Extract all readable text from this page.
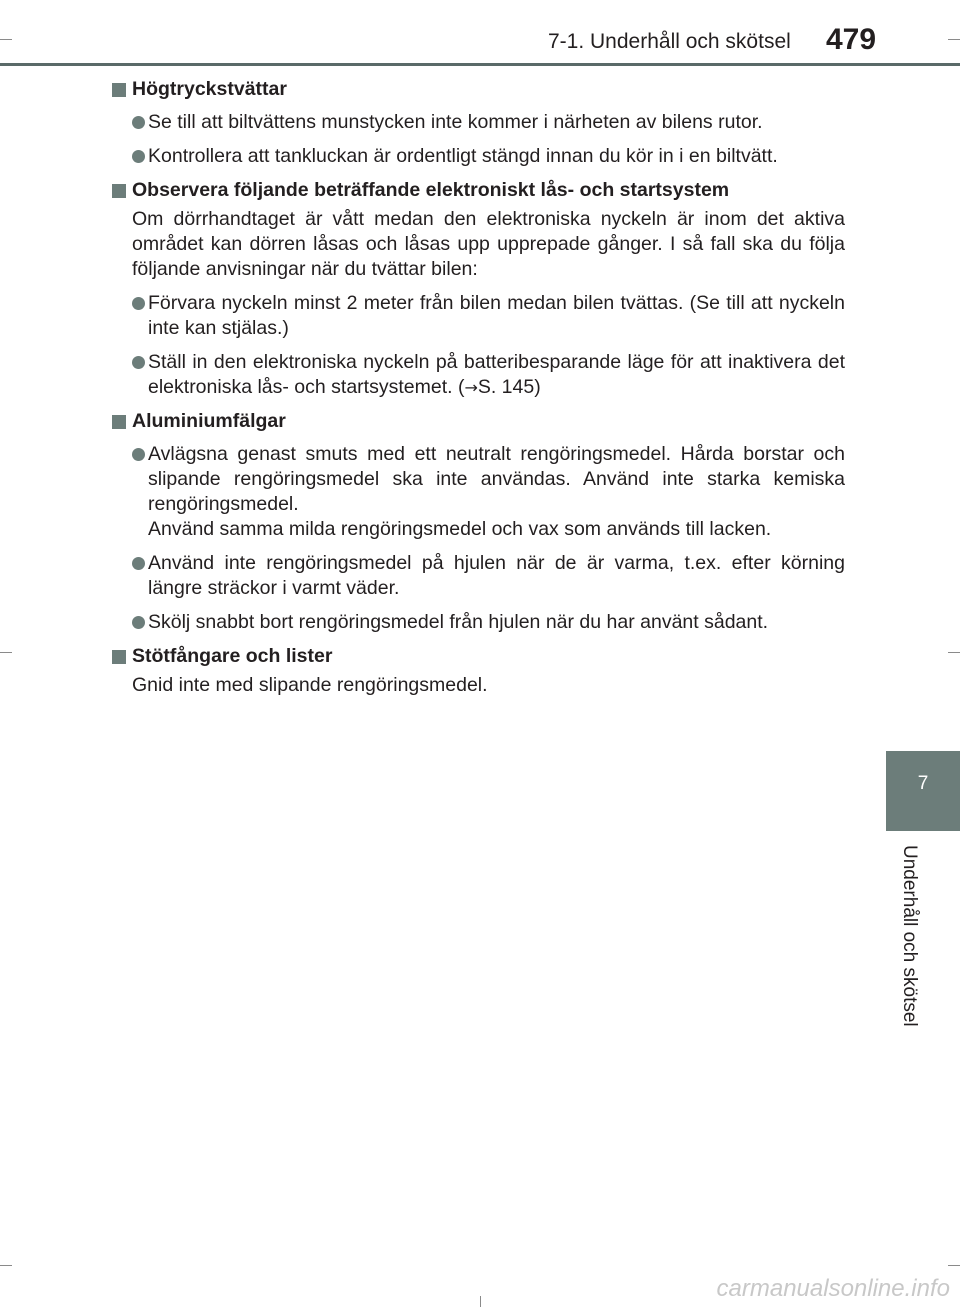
7-1. Underhåll och skötsel 479
7
Underhåll och skötsel
Högtryckstvättar
Se till att biltvättens munstycken inte kommer i närheten av bilens rutor.
Kontrollera att tankluckan är ordentligt stängd innan du kör in i en biltvätt.
Observera följande beträffande elektroniskt lås- och startsystem
Om dörrhandtaget är vått medan den elektroniska nyckeln är inom det aktiva området kan dörren låsas och låsas upp upprepade gånger. I så fall ska du följa följande anvisningar när du tvättar bilen:
Förvara nyckeln minst 2 meter från bilen medan bilen tvättas. (Se till att nyckeln inte kan stjälas.)
Ställ in den elektroniska nyckeln på batteribesparande läge för att inaktivera det elektroniska lås- och startsystemet. (→S. 145)
Aluminiumfälgar
Avlägsna genast smuts med ett neutralt rengöringsmedel. Hårda borstar och slipande rengöringsmedel ska inte användas. Använd inte starka kemiska rengöringsmedel.
Använd samma milda rengöringsmedel och vax som används till lacken.
Använd inte rengöringsmedel på hjulen när de är varma, t.ex. efter körning längre sträckor i varmt väder.
Skölj snabbt bort rengöringsmedel från hjulen när du har använt sådant.
Stötfångare och lister
Gnid inte med slipande rengöringsmedel.
carmanualsonline.info
